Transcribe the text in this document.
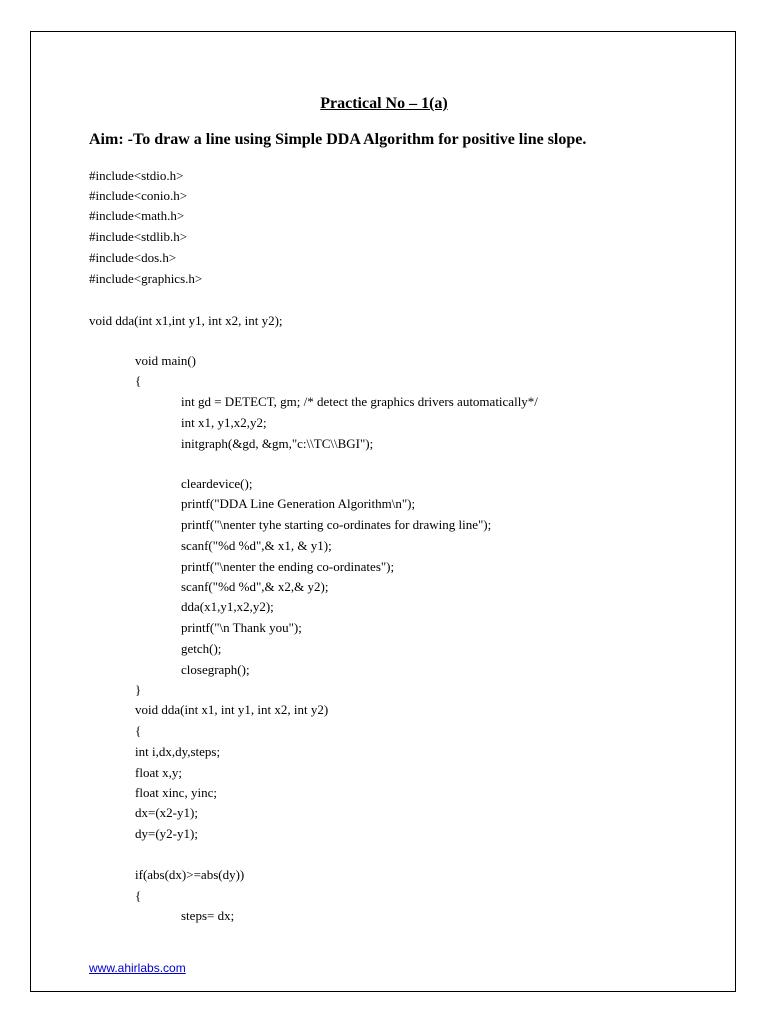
Practical No – 1(a)
Aim: -To draw a line using Simple DDA Algorithm for positive line slope.
#include<stdio.h>
#include<conio.h>
#include<math.h>
#include<stdlib.h>
#include<dos.h>
#include<graphics.h>
void dda(int x1,int y1, int x2, int y2);
void main()
{
int gd = DETECT, gm; /* detect the graphics drivers automatically*/
int x1, y1,x2,y2;
initgraph(&gd, &gm,"c:\\TC\\BGI");
cleardevice();
printf("DDA Line Generation Algorithm\n");
printf("\nenter tyhe starting co-ordinates for drawing line");
scanf("%d %d",& x1, & y1);
printf("\nenter the ending co-ordinates");
scanf("%d %d",& x2,& y2);
dda(x1,y1,x2,y2);
printf("\n Thank you");
getch();
closegraph();
}
void dda(int x1, int y1, int x2, int y2)
{
int i,dx,dy,steps;
float x,y;
float xinc, yinc;
dx=(x2-y1);
dy=(y2-y1);
if(abs(dx)>=abs(dy))
{
steps= dx;
www.ahirlabs.com
